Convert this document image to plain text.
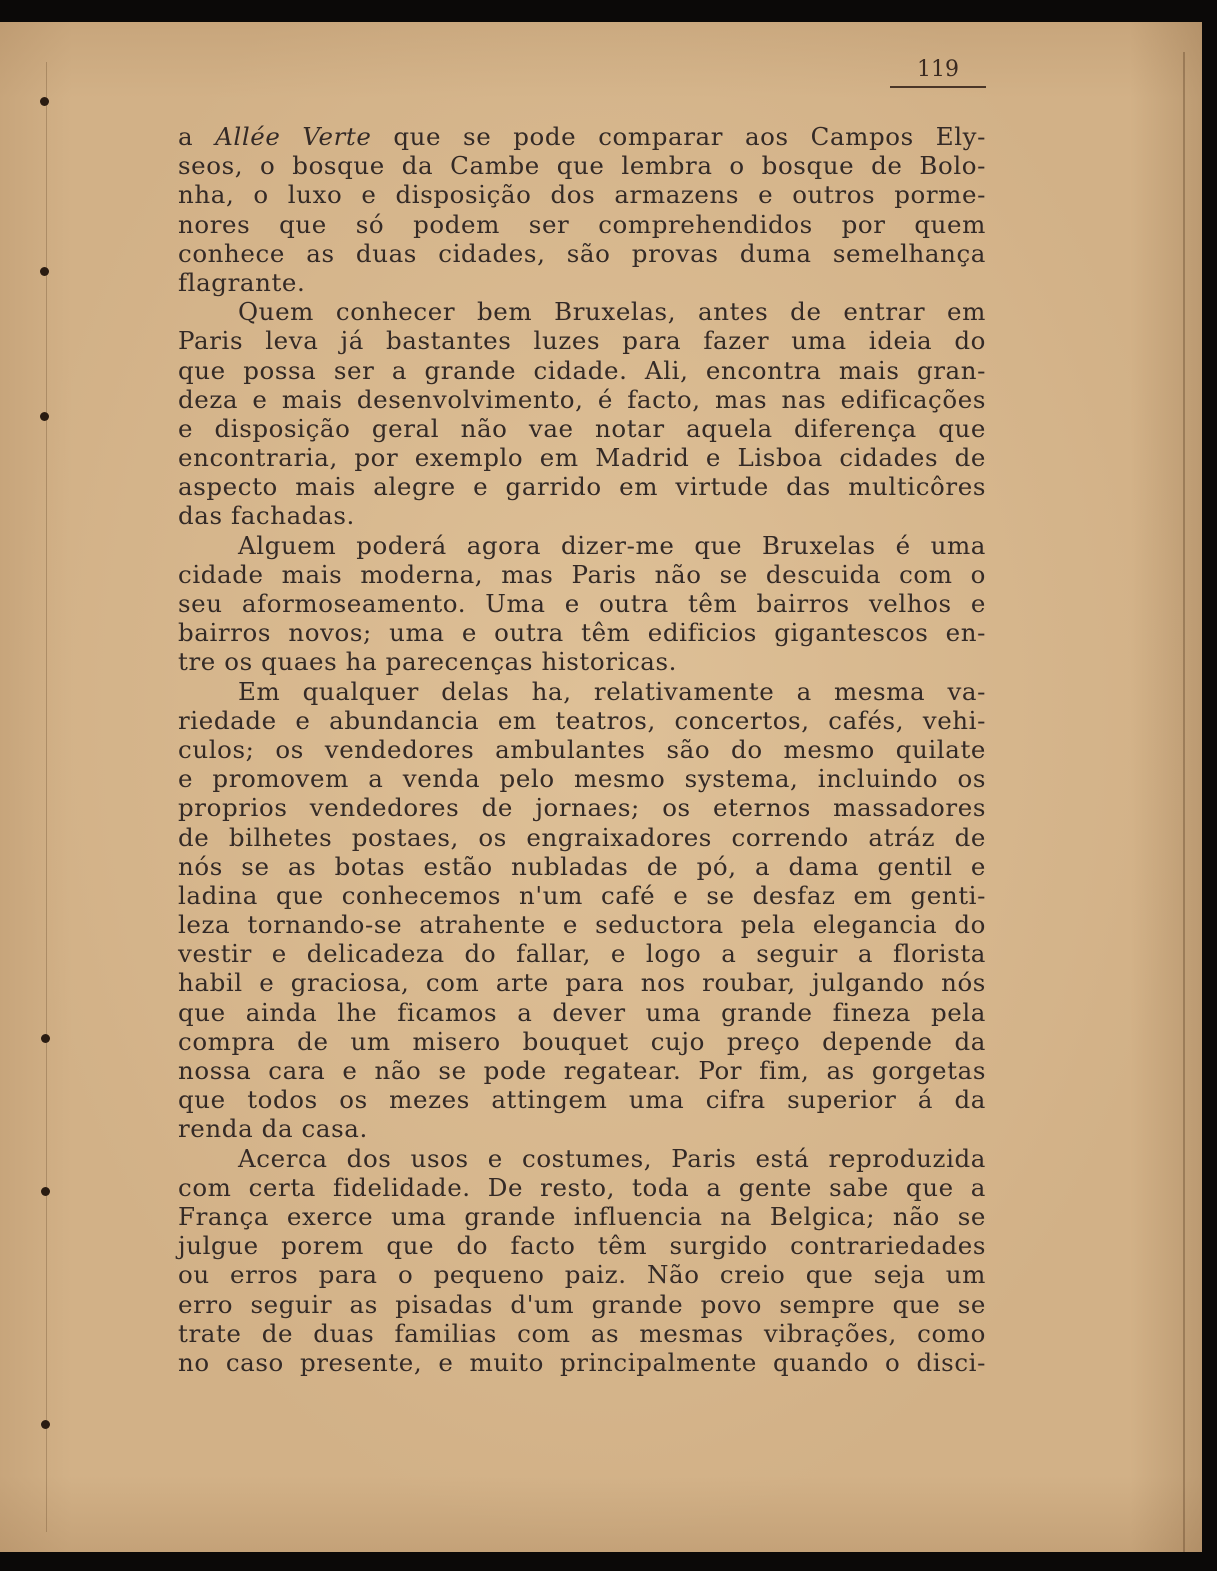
119
a Allée Verte que se pode comparar aos Campos Ely-
seos, o bosque da Cambe que lembra o bosque de Bolo-
nha, o luxo e disposição dos armazens e outros porme-
nores que só podem ser comprehendidos por quem
conhece as duas cidades, são provas duma semelhança
flagrante.
Quem conhecer bem Bruxelas, antes de entrar em
Paris leva já bastantes luzes para fazer uma ideia do
que possa ser a grande cidade. Ali, encontra mais gran-
deza e mais desenvolvimento, é facto, mas nas edificações
e disposição geral não vae notar aquela diferença que
encontraria, por exemplo em Madrid e Lisboa cidades de
aspecto mais alegre e garrido em virtude das multicôres
das fachadas.
Alguem poderá agora dizer-me que Bruxelas é uma
cidade mais moderna, mas Paris não se descuida com o
seu aformoseamento. Uma e outra têm bairros velhos e
bairros novos; uma e outra têm edificios gigantescos en-
tre os quaes ha parecenças historicas.
Em qualquer delas ha, relativamente a mesma va-
riedade e abundancia em teatros, concertos, cafés, vehi-
culos; os vendedores ambulantes são do mesmo quilate
e promovem a venda pelo mesmo systema, incluindo os
proprios vendedores de jornaes; os eternos massadores
de bilhetes postaes, os engraixadores correndo atráz de
nós se as botas estão nubladas de pó, a dama gentil e
ladina que conhecemos n'um café e se desfaz em genti-
leza tornando-se atrahente e seductora pela elegancia do
vestir e delicadeza do fallar, e logo a seguir a florista
habil e graciosa, com arte para nos roubar, julgando nós
que ainda lhe ficamos a dever uma grande fineza pela
compra de um misero bouquet cujo preço depende da
nossa cara e não se pode regatear. Por fim, as gorgetas
que todos os mezes attingem uma cifra superior á da
renda da casa.
Acerca dos usos e costumes, Paris está reproduzida
com certa fidelidade. De resto, toda a gente sabe que a
França exerce uma grande influencia na Belgica; não se
julgue porem que do facto têm surgido contrariedades
ou erros para o pequeno paiz. Não creio que seja um
erro seguir as pisadas d'um grande povo sempre que se
trate de duas familias com as mesmas vibrações, como
no caso presente, e muito principalmente quando o disci-
